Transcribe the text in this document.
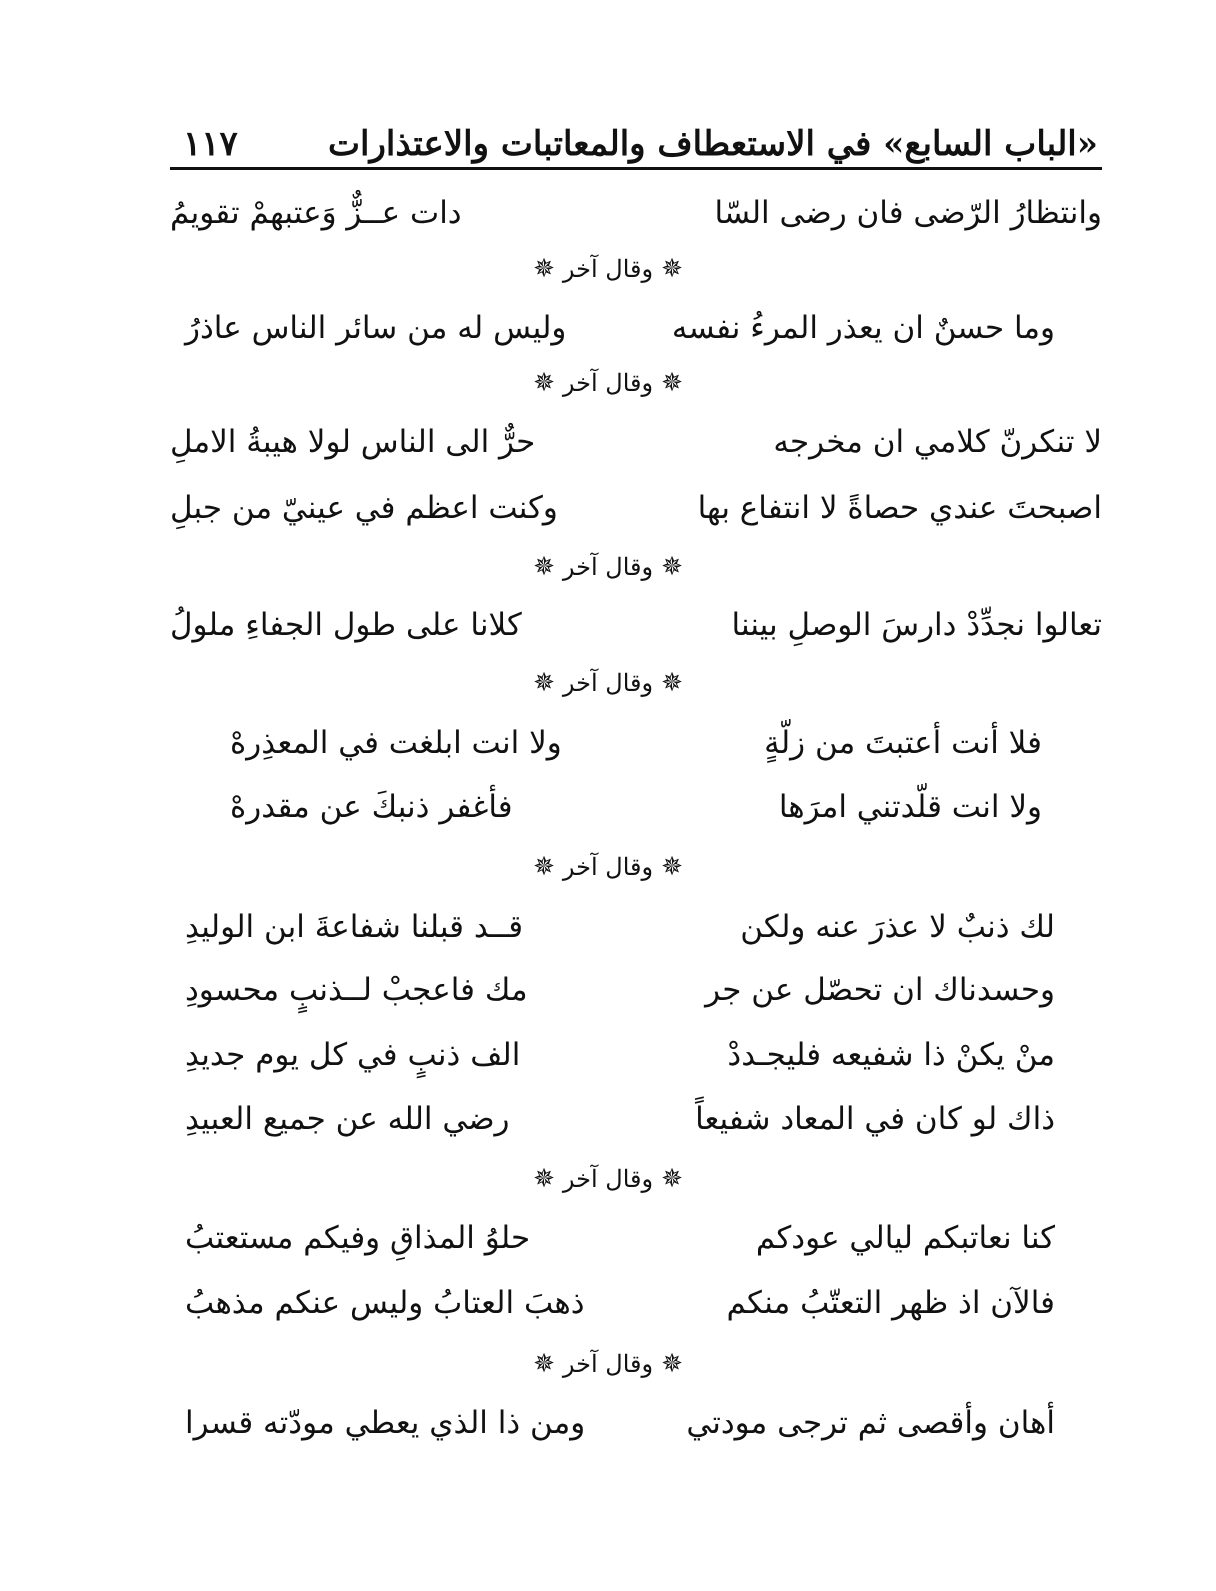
«الباب السابع» في الاستعطاف والمعاتبات والاعتذارات
١١٧
وانتظارُ الرّضى فان رضى السّا
دات عــزٌّ وَعتبهمْ تقويمُ
✵وقال آخر✵
وما حسنٌ ان يعذر المرءُ نفسه
وليس له من سائر الناس عاذرُ
✵وقال آخر✵
لا تنكرنّ كلامي ان مخرجه
حرٌّ الى الناس لولا هيبةُ الاملِ
اصبحتَ عندي حصاةً لا انتفاع بها
وكنت اعظم في عينيّ من جبلِ
✵وقال آخر✵
تعالوا نجدِّدْ دارسَ الوصلِ بيننا
كلانا على طول الجفاءِ ملولُ
✵وقال آخر✵
فلا أنت أعتبتَ من زلّةٍ
ولا انت ابلغت في المعذِرهْ
ولا انت قلّدتني امرَها
فأغفر ذنبكَ عن مقدرهْ
✵وقال آخر✵
لك ذنبٌ لا عذرَ عنه ولكن
قــد قبلنا شفاعةَ ابن الوليدِ
وحسدناك ان تحصّل عن جر
مك فاعجبْ لــذنبٍ محسودِ
منْ يكنْ ذا شفيعه فليجـددْ
الف ذنبٍ في كل يوم جديدِ
ذاك لو كان في المعاد شفيعاً
رضي الله عن جميع العبيدِ
✵وقال آخر✵
كنا نعاتبكم ليالي عودكم
حلوُ المذاقِ وفيكم مستعتبُ
فالآن اذ ظهر التعتّبُ منكم
ذهبَ العتابُ وليس عنكم مذهبُ
✵وقال آخر✵
أهان وأقصى ثم ترجى مودتي
ومن ذا الذي يعطي مودّته قسرا
